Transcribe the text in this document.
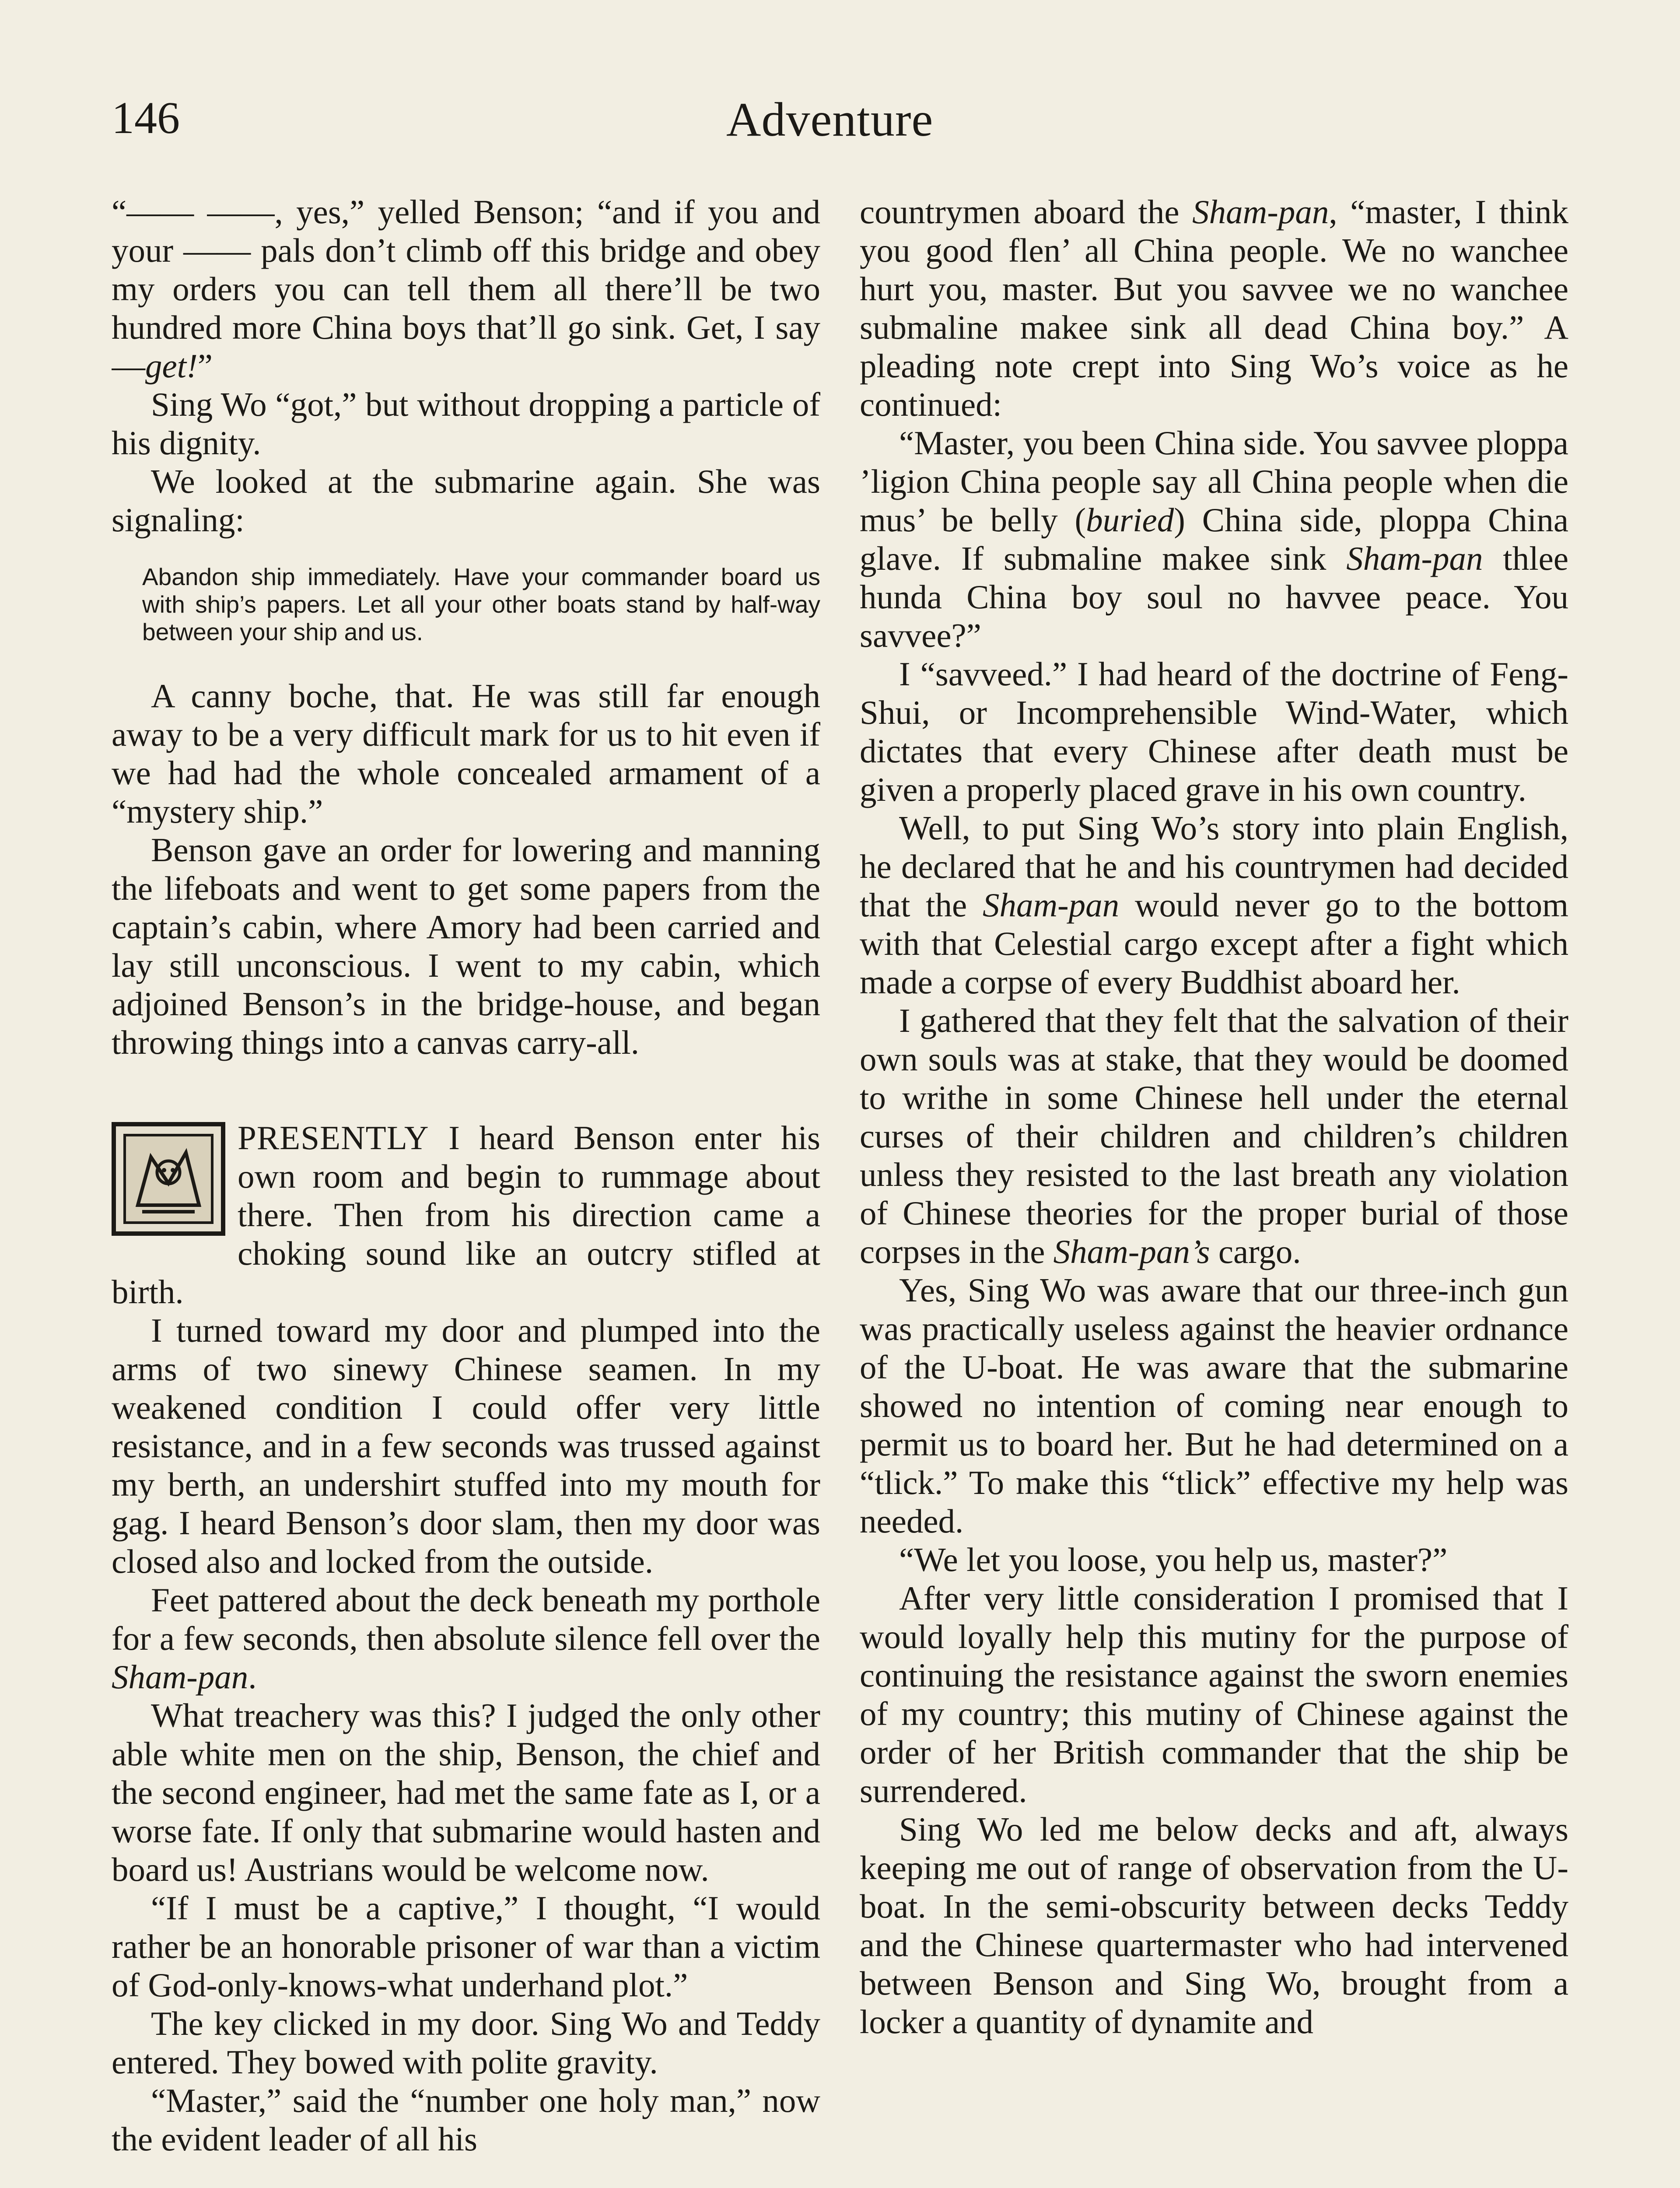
146	Adventure

“—— ——, yes,” yelled Benson; “and if you and your —— pals don’t climb off this bridge and obey my orders you can tell them all there’ll be two hundred more China boys that’ll go sink. Get, I say—get!”

Sing Wo “got,” but without dropping a particle of his dignity.

We looked at the submarine again. She was signaling:

Abandon ship immediately. Have your commander board us with ship’s papers. Let all your other boats stand by half-way between your ship and us.

A canny boche, that. He was still far enough away to be a very difficult mark for us to hit even if we had had the whole concealed armament of a “mystery ship.”

Benson gave an order for lowering and manning the lifeboats and went to get some papers from the captain’s cabin, where Amory had been carried and lay still unconscious. I went to my cabin, which adjoined Benson’s in the bridge-house, and began throwing things into a canvas carry-all.

PRESENTLY I heard Benson enter his own room and begin to rummage about there. Then from his direction came a choking sound like an outcry stifled at birth.

I turned toward my door and plumped into the arms of two sinewy Chinese seamen. In my weakened condition I could offer very little resistance, and in a few seconds was trussed against my berth, an undershirt stuffed into my mouth for gag. I heard Benson’s door slam, then my door was closed also and locked from the outside.

Feet pattered about the deck beneath my porthole for a few seconds, then absolute silence fell over the Sham-pan.

What treachery was this? I judged the only other able white men on the ship, Benson, the chief and the second engineer, had met the same fate as I, or a worse fate. If only that submarine would hasten and board us! Austrians would be welcome now.

“If I must be a captive,” I thought, “I would rather be an honorable prisoner of war than a victim of God-only-knows-what underhand plot.”

The key clicked in my door. Sing Wo and Teddy entered. They bowed with polite gravity.

“Master,” said the “number one holy man,” now the evident leader of all his

countrymen aboard the Sham-pan, “master, I think you good flen’ all China people. We no wanchee hurt you, master. But you savvee we no wanchee submaline makee sink all dead China boy.” A pleading note crept into Sing Wo’s voice as he continued:

“Master, you been China side. You savvee ploppa ’ligion China people say all China people when die mus’ be belly (buried) China side, ploppa China glave. If submaline makee sink Sham-pan thlee hunda China boy soul no havvee peace. You savvee?”

I “savveed.” I had heard of the doctrine of Feng-Shui, or Incomprehensible Wind-Water, which dictates that every Chinese after death must be given a properly placed grave in his own country.

Well, to put Sing Wo’s story into plain English, he declared that he and his countrymen had decided that the Sham-pan would never go to the bottom with that Celestial cargo except after a fight which made a corpse of every Buddhist aboard her.

I gathered that they felt that the salvation of their own souls was at stake, that they would be doomed to writhe in some Chinese hell under the eternal curses of their children and children’s children unless they resisted to the last breath any violation of Chinese theories for the proper burial of those corpses in the Sham-pan’s cargo.

Yes, Sing Wo was aware that our three-inch gun was practically useless against the heavier ordnance of the U-boat. He was aware that the submarine showed no intention of coming near enough to permit us to board her. But he had determined on a “tlick.” To make this “tlick” effective my help was needed.

“We let you loose, you help us, master?”

After very little consideration I promised that I would loyally help this mutiny for the purpose of continuing the resistance against the sworn enemies of my country; this mutiny of Chinese against the order of her British commander that the ship be surrendered.

Sing Wo led me below decks and aft, always keeping me out of range of observation from the U-boat. In the semi-obscurity between decks Teddy and the Chinese quartermaster who had intervened between Benson and Sing Wo, brought from a locker a quantity of dynamite and
